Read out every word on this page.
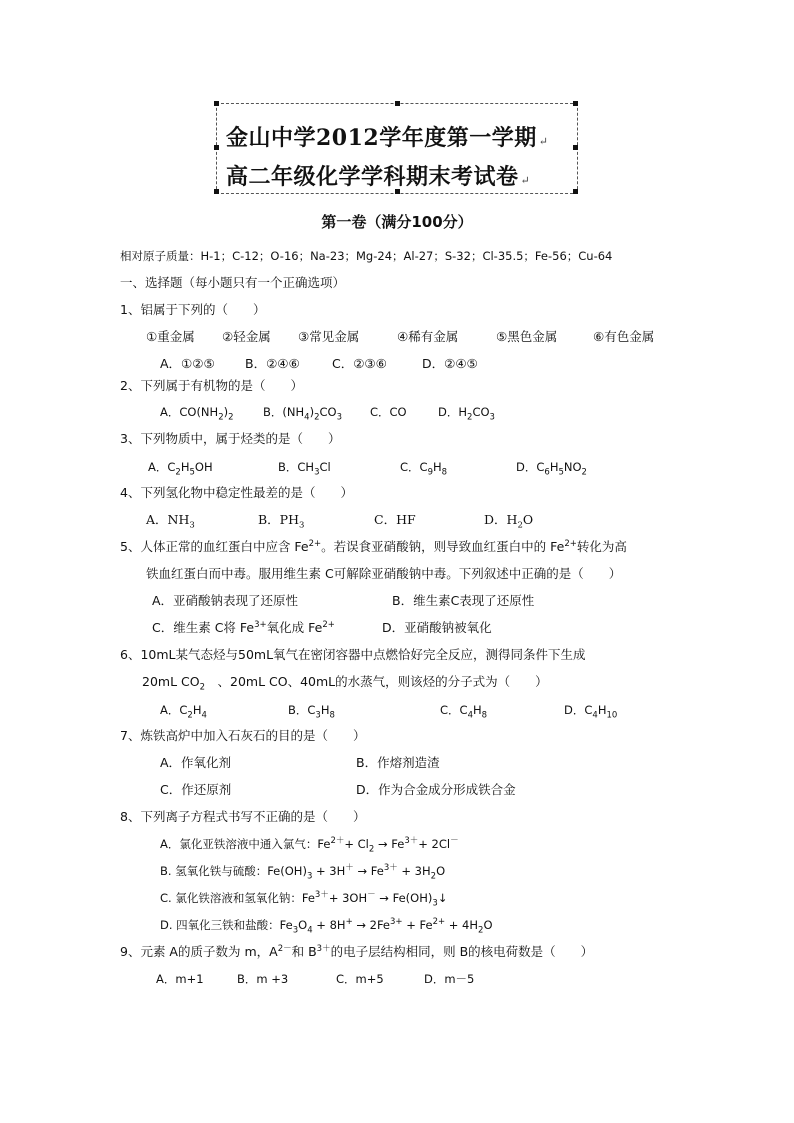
金山中学2012学年度第一学期 ↵
高二年级化学学科期末考试卷 ↵
第一卷（满分100分）
相对原子质量：H-1；C-12；O-16；Na-23；Mg-24；Al-27；S-32；Cl-35.5；Fe-56；Cu-64
一、选择题（每小题只有一个正确选项）
1、铝属于下列的（　　）
①重金属 ②轻金属 ③常见金属	④稀有金属	⑤黑色金属	⑥有色金属
A．①②⑤ B．②④⑥	C．②③⑥	D．②④⑤
2、下列属于有机物的是（　　）
A．$CO(NH_2)_2$	B．$(NH_4)_2CO_3$ C．CO	D．$H_2CO_3$
3、下列物质中，属于烃类的是（　　）
A．$C_2H_5OH$	B．$CH_3Cl$	C．$C_9H_8$	D．$C_6H_5NO_2$
4、下列氢化物中稳定性最差的是（　　）
A．$NH_3$	B．$PH_3$	C．HF	D．$H_2O$
5、人体正常的血红蛋白中应含 $Fe^{2+}$。若误食亚硝酸钠，则导致血红蛋白中的 $Fe^{2+}$转化为高
铁血红蛋白而中毒。服用维生素 C可解除亚硝酸钠中毒。下列叙述中正确的是（　　）
A．亚硝酸钠表现了还原性	B．维生素C表现了还原性
C．维生素 C将 $Fe^{3+}$氧化成 $Fe^{2+}$	D．亚硝酸钠被氧化
6、10mL某气态烃与50mL氧气在密闭容器中点燃恰好完全反应，测得同条件下生成
20mL $CO_2$　、20mL CO、40mL的水蒸气，则该烃的分子式为（　　）
A．$C_2H_4$	B．$C_3H_8$	C．$C_4H_8$	D．$C_4H_{10}$
7、炼铁高炉中加入石灰石的目的是（　　）
A．作氧化剂	B．作熔剂造渣
C．作还原剂	D．作为合金成分形成铁合金
8、下列离子方程式书写不正确的是（　　）
A．氯化亚铁溶液中通入氯气：$Fe^{2+}+ Cl_2 \to Fe^{3+}+ 2Cl^-$
B. 氢氧化铁与硫酸：$Fe(OH)_3 + 3H^+ \to Fe^{3+} + 3H_2O$
C. 氯化铁溶液和氢氧化钠：$Fe^{3+}+ 3OH^-$ → $Fe(OH)_3↓$
D. 四氧化三铁和盐酸：$Fe_3O_4 + 8H^+ \to 2Fe^{3+} + Fe^{2+} + 4H_2O$
9、元素 A的质子数为 m，$A^{2-}$和 $B^{3+}$的电子层结构相同，则 B的核电荷数是（　　）
A．m+1	B．m +3	C．m+5	D．m－5
